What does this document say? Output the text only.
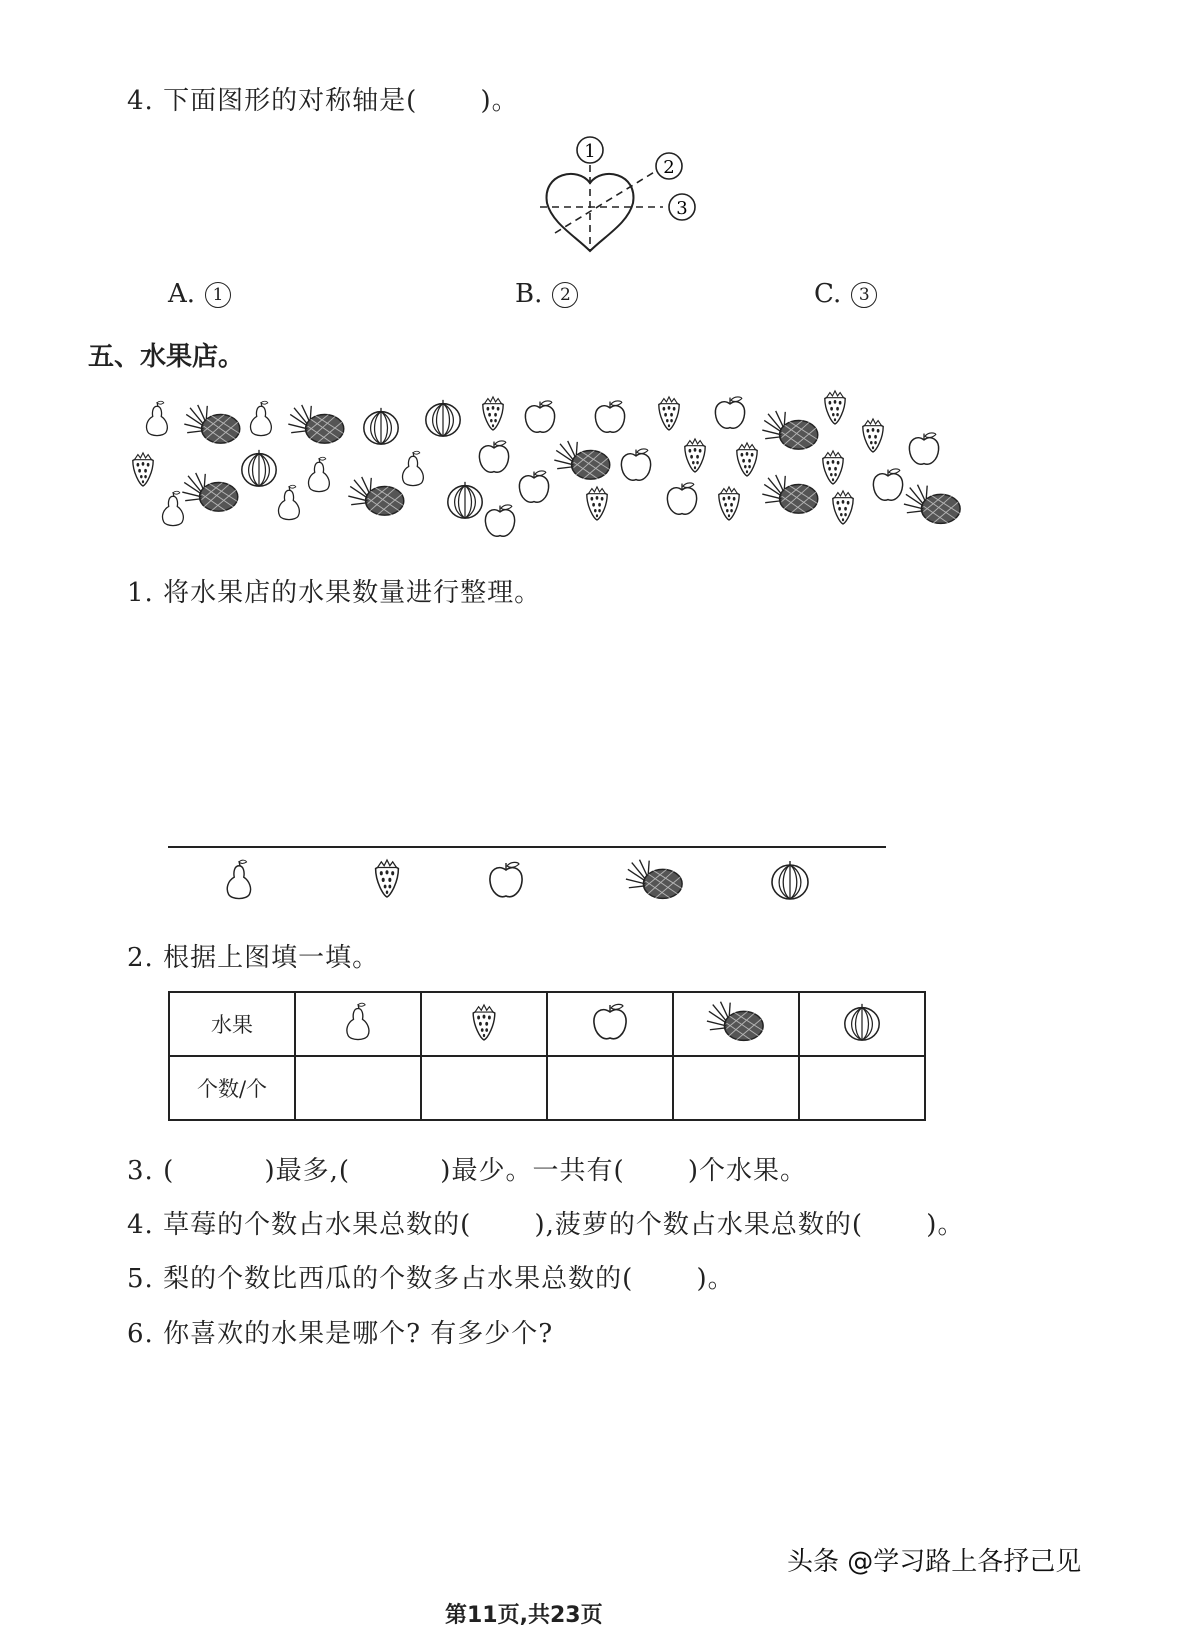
4. 下面图形的对称轴是(　　 )。
1
2
3
A. 1	B. 2	C. 3
五、水果店。
1. 将水果店的水果数量进行整理。
2. 根据上图填一填。
水果					
个数/个					
3. (　　　 )最多,(　　　 )最少。一共有(　　 )个水果。
4. 草莓的个数占水果总数的(　　 ),菠萝的个数占水果总数的(　　 )。
5. 梨的个数比西瓜的个数多占水果总数的(　　 )。
6. 你喜欢的水果是哪个? 有多少个?
第11页,共23页
头条 @学习路上各抒己见
